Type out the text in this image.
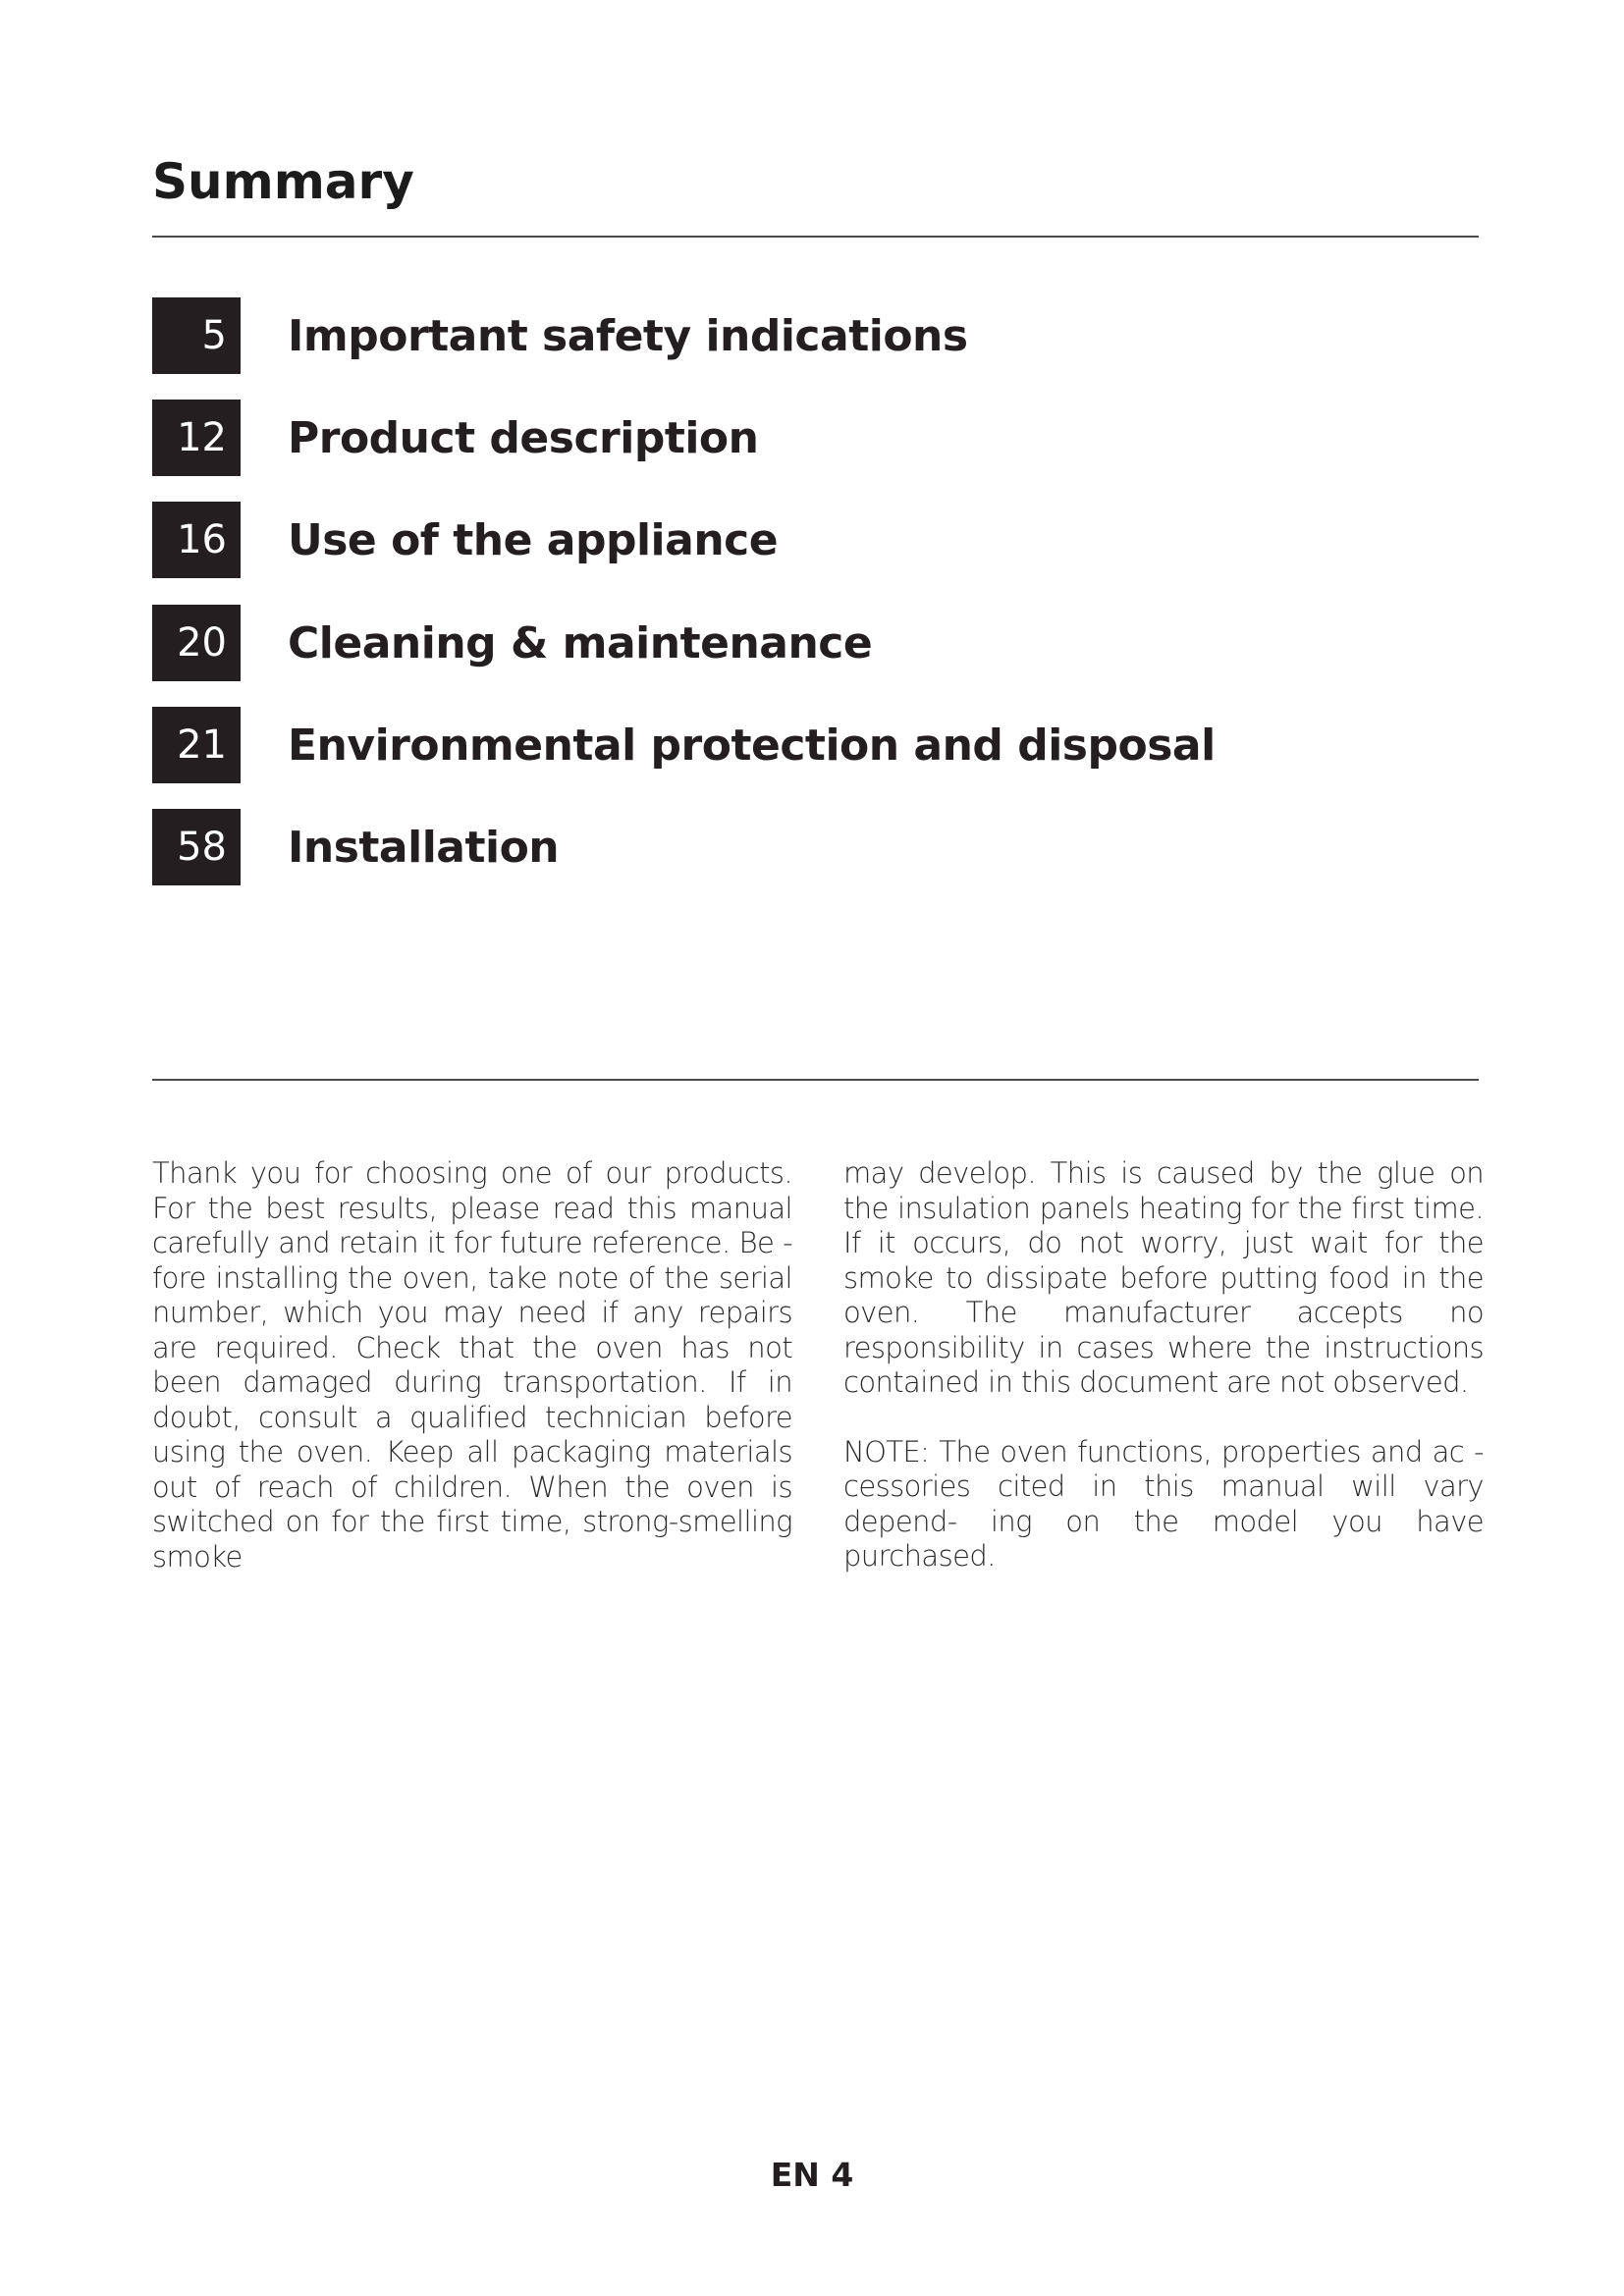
Summary
5	Important safety indications
12	Product description
16	Use of the appliance
20	Cleaning & maintenance
21	Environmental protection and disposal
58	Installation

Thank you for choosing one of our products. For the best results, please read this manual carefully and retain it for future reference. Be - fore installing the oven, take note of the serial number, which you may need if any repairs are required. Check that the oven has not been damaged during transportation. If in doubt, consult a qualified technician before using the oven. Keep all packaging materials out of reach of children. When the oven is switched on for the first time, strong-smelling smoke

may develop. This is caused by the glue on the insulation panels heating for the first time. If it occurs, do not worry, just wait for the smoke to dissipate before putting food in the oven. The manufacturer accepts no responsibility in cases where the instructions contained in this document are not observed.

NOTE: The oven functions, properties and ac - cessories cited in this manual will vary depend- ing on the model you have purchased.

EN 4
